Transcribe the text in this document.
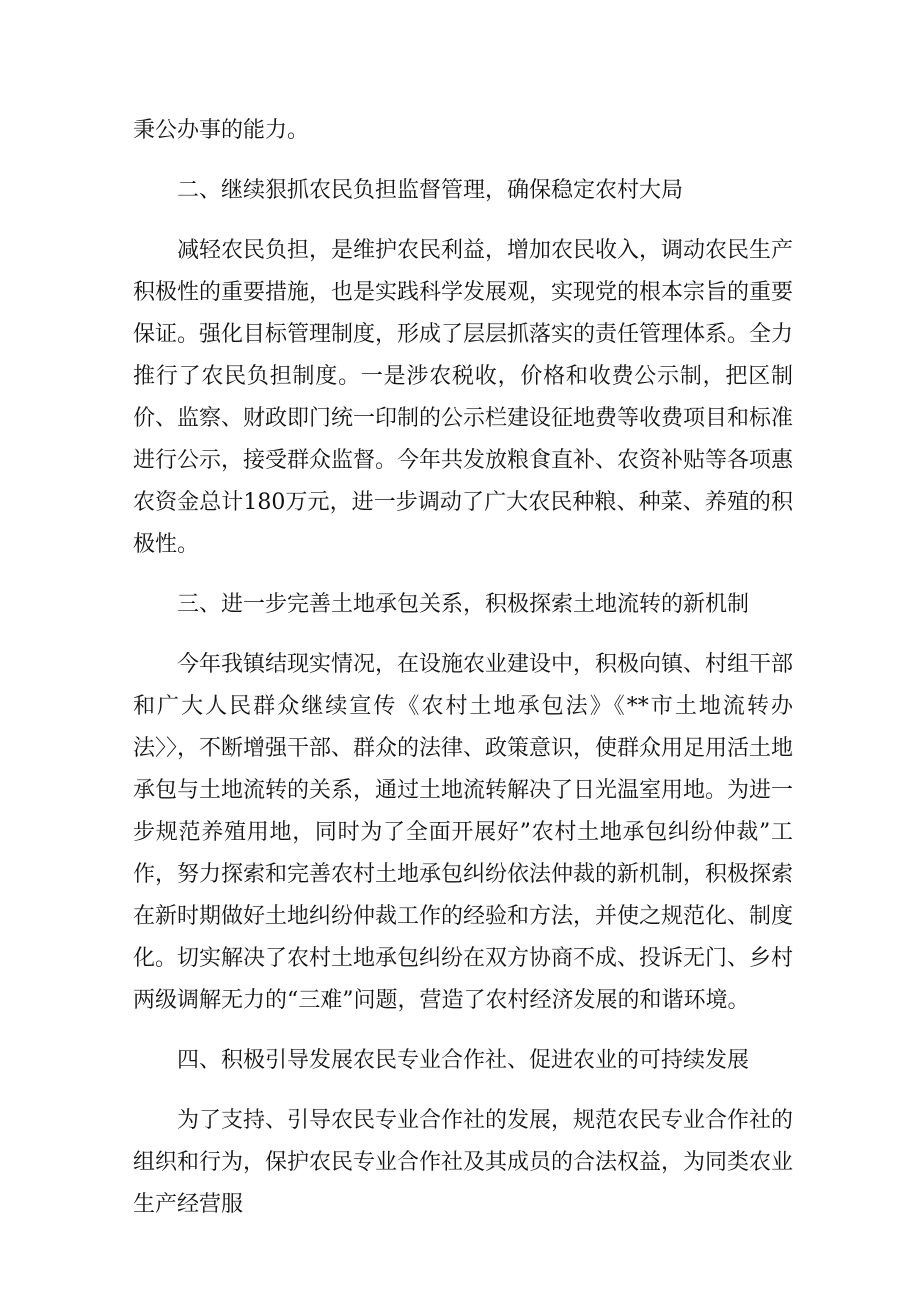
秉公办事的能力。

二、继续狠抓农民负担监督管理，确保稳定农村大局

减轻农民负担，是维护农民利益，增加农民收入，调动农民生产积极性的重要措施，也是实践科学发展观，实现党的根本宗旨的重要保证。强化目标管理制度，形成了层层抓落实的责任管理体系。全力推行了农民负担制度。一是涉农税收，价格和收费公示制，把区制价、监察、财政即门统一印制的公示栏建设征地费等收费项目和标准进行公示，接受群众监督。今年共发放粮食直补、农资补贴等各项惠农资金总计180万元，进一步调动了广大农民种粮、种菜、养殖的积极性。

三、进一步完善土地承包关系，积极探索土地流转的新机制

今年我镇结现实情况，在设施农业建设中，积极向镇、村组干部和广大人民群众继续宣传《农村土地承包法》《**市土地流转办法〉〉，不断增强干部、群众的法律、政策意识，使群众用足用活土地承包与土地流转的关系，通过土地流转解决了日光温室用地。为进一步规范养殖用地，同时为了全面开展好”农村土地承包纠纷仲裁”工作，努力探索和完善农村土地承包纠纷依法仲裁的新机制，积极探索在新时期做好土地纠纷仲裁工作的经验和方法，并使之规范化、制度化。切实解决了农村土地承包纠纷在双方协商不成、投诉无门、乡村两级调解无力的“三难”问题，营造了农村经济发展的和谐环境。

四、积极引导发展农民专业合作社、促进农业的可持续发展

为了支持、引导农民专业合作社的发展，规范农民专业合作社的组织和行为，保护农民专业合作社及其成员的合法权益，为同类农业生产经营服
